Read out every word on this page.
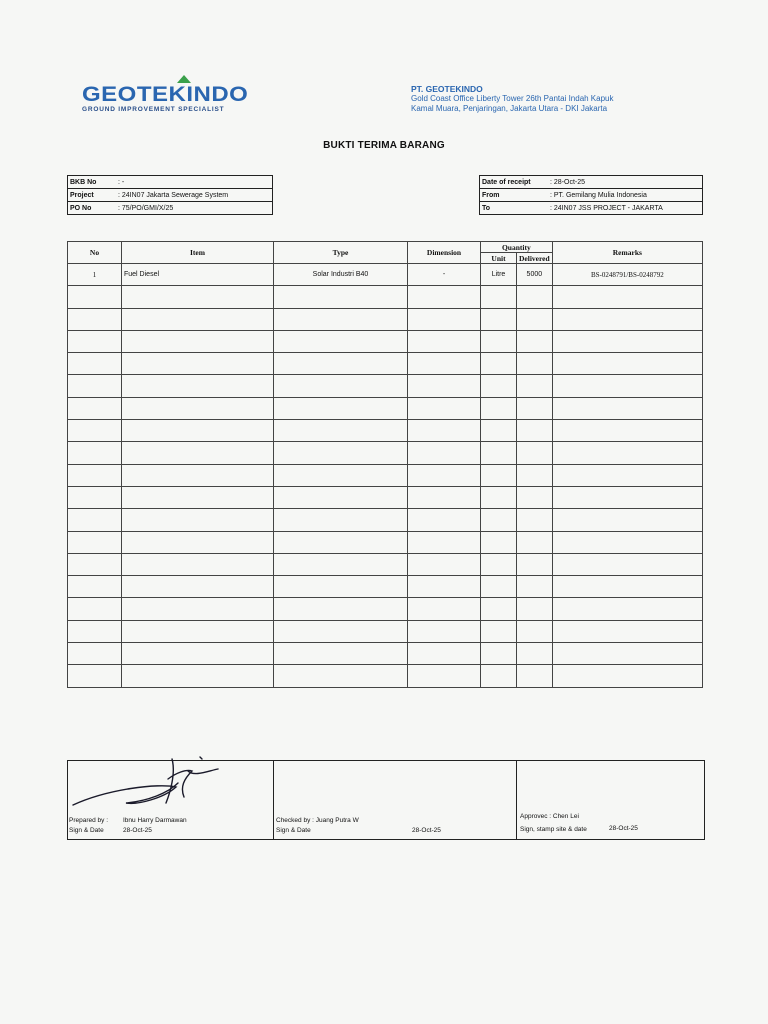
GEOTEKINDO
GROUND IMPROVEMENT SPECIALIST
PT. GEOTEKINDO
Gold Coast Office Liberty Tower 26th Pantai Indah Kapuk
Kamal Muara, Penjaringan, Jakarta Utara - DKI Jakarta
BUKTI TERIMA BARANG
BKB No	: -
Project	: 24IN07 Jakarta Sewerage System
PO No	: 75/PO/GMI/X/25
Date of receipt	: 28-Oct-25
From	: PT. Gemilang Mulia Indonesia
To	: 24IN07 JSS PROJECT - JAKARTA
No	Item	Type	Dimension	Quantity		Remarks
				Unit	Delivered	
1	Fuel Diesel	Solar Industri B40	-	Litre	5000	BS-0248791/BS-0248792

Prepared by : Ibnu Harry Darmawan
Sign & Date	28-Oct-25
Checked by : Juang Putra W
Sign & Date	28-Oct-25
Approvec : Chen Lei
Sign, stamp site & date	28-Oct-25
